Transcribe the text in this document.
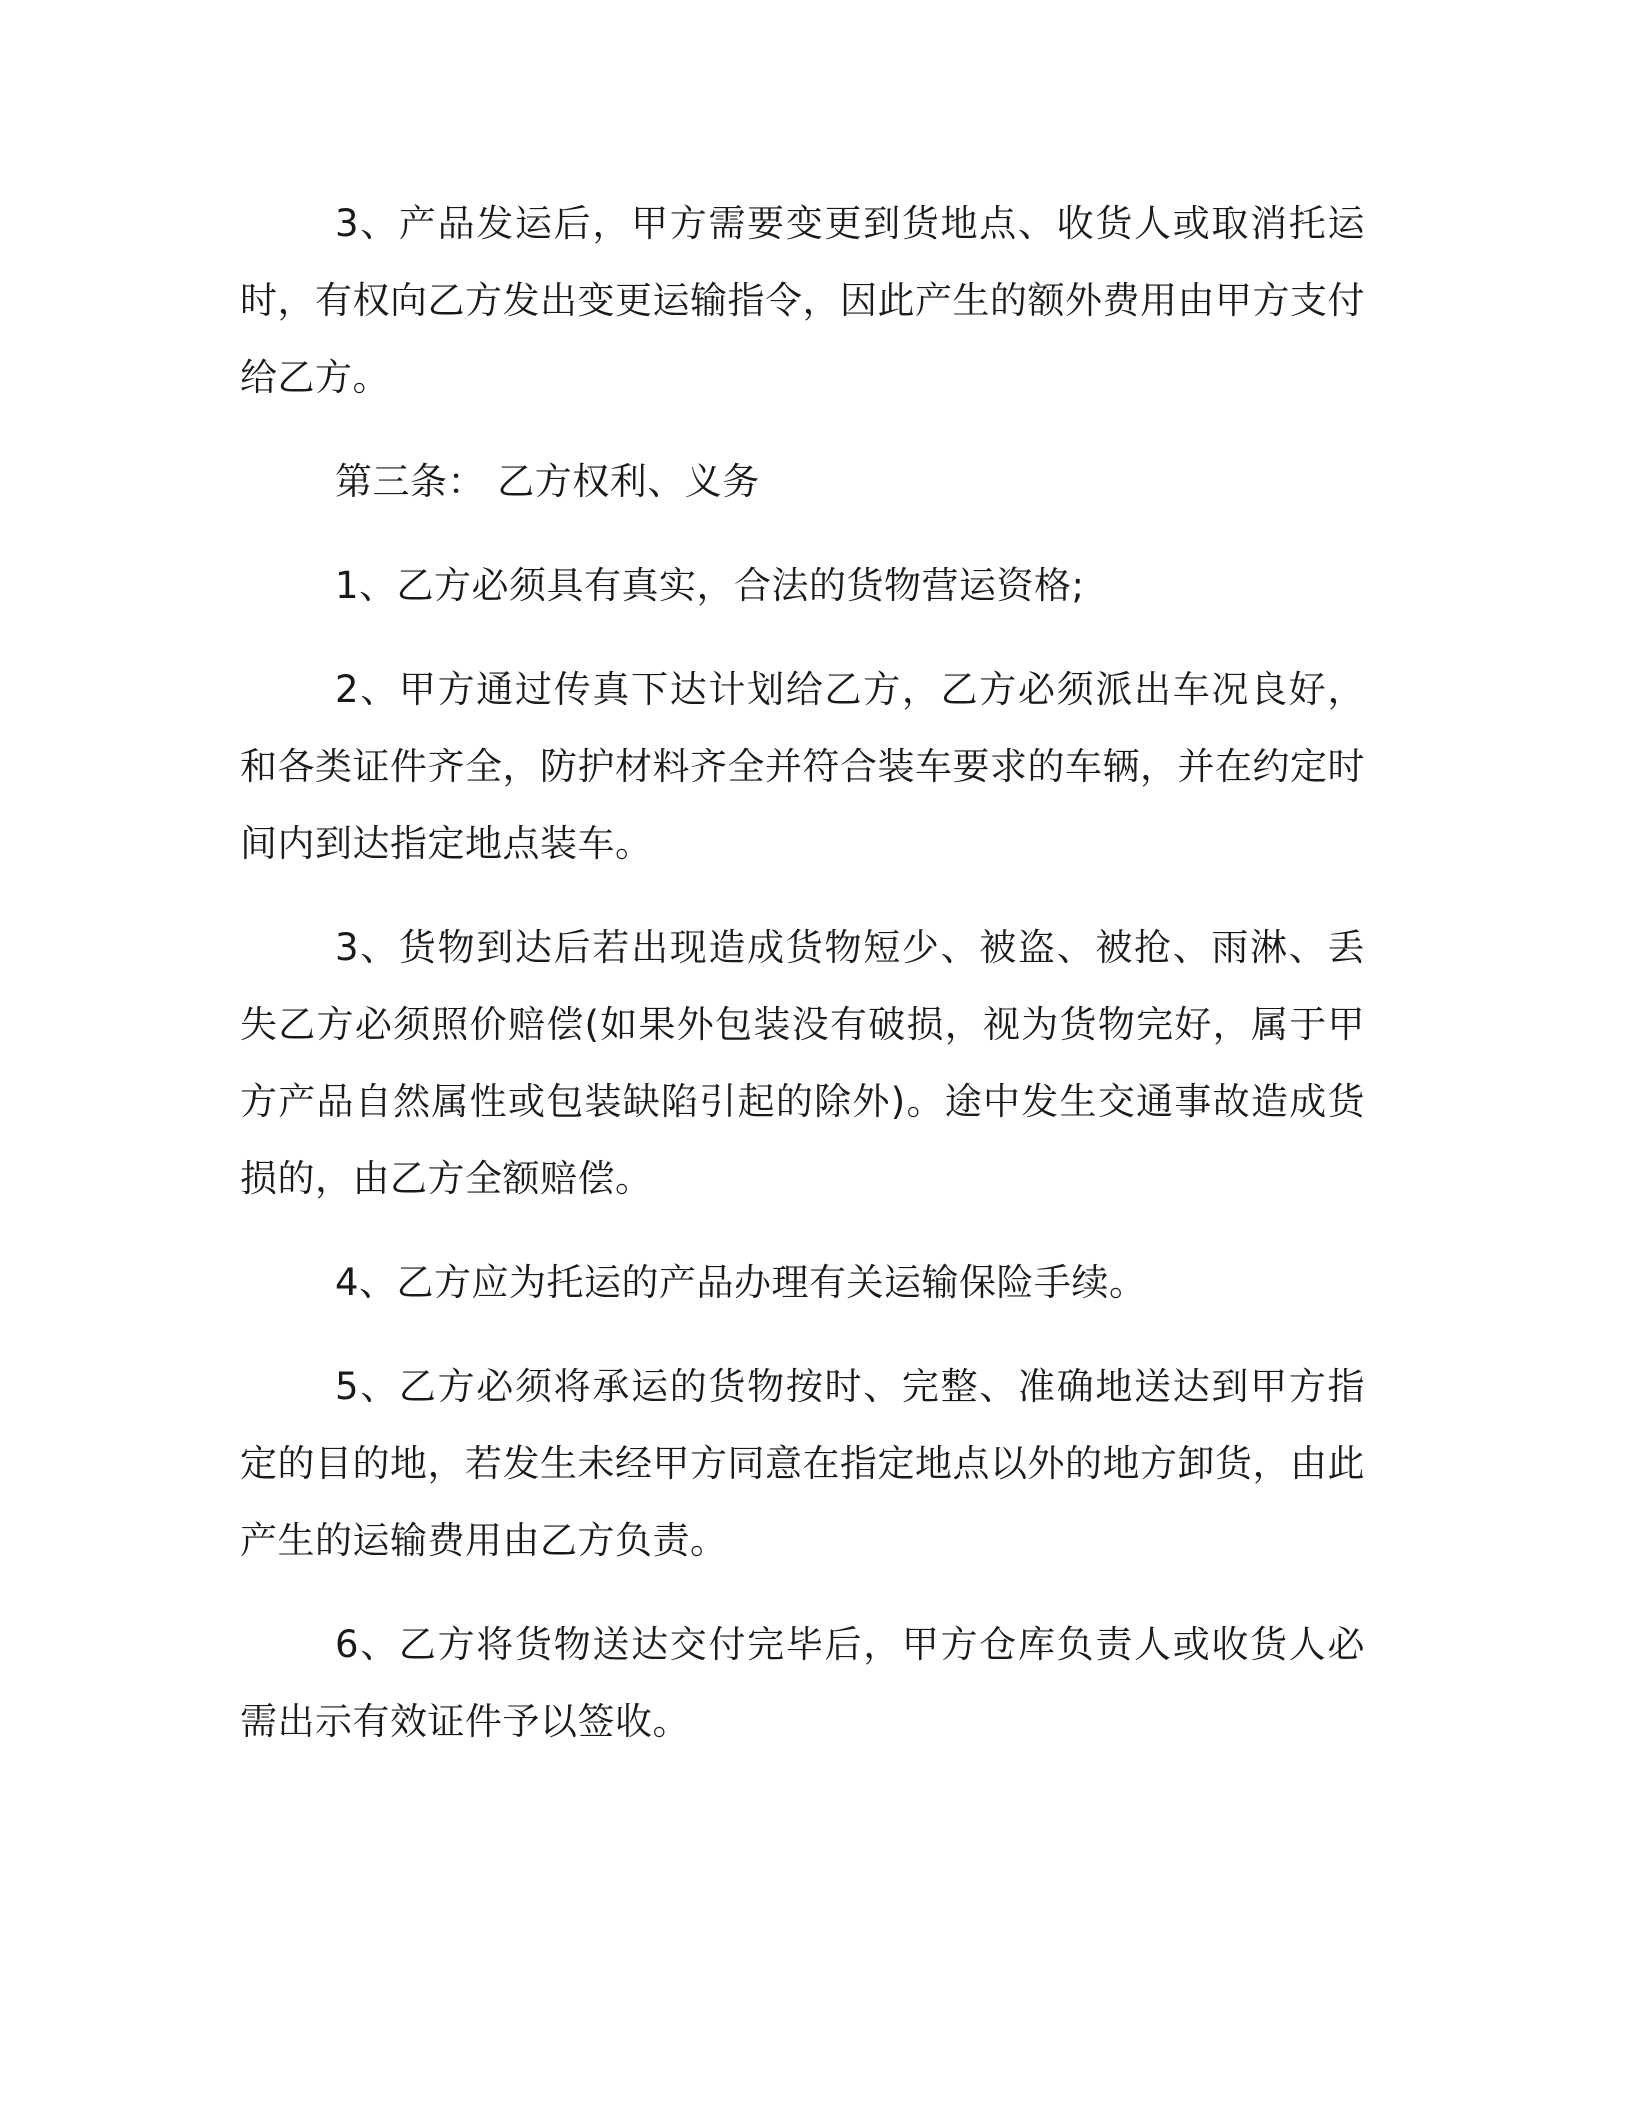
3、产品发运后，甲方需要变更到货地点、收货人或取消托运时，有权向乙方发出变更运输指令，因此产生的额外费用由甲方支付给乙方。

第三条： 乙方权利、义务

1、乙方必须具有真实，合法的货物营运资格;

2、甲方通过传真下达计划给乙方，乙方必须派出车况良好，和各类证件齐全，防护材料齐全并符合装车要求的车辆，并在约定时间内到达指定地点装车。

3、货物到达后若出现造成货物短少、被盗、被抢、雨淋、丢失乙方必须照价赔偿(如果外包装没有破损，视为货物完好，属于甲方产品自然属性或包装缺陷引起的除外)。途中发生交通事故造成货损的，由乙方全额赔偿。

4、乙方应为托运的产品办理有关运输保险手续。

5、乙方必须将承运的货物按时、完整、准确地送达到甲方指定的目的地，若发生未经甲方同意在指定地点以外的地方卸货，由此产生的运输费用由乙方负责。

6、乙方将货物送达交付完毕后，甲方仓库负责人或收货人必需出示有效证件予以签收。
